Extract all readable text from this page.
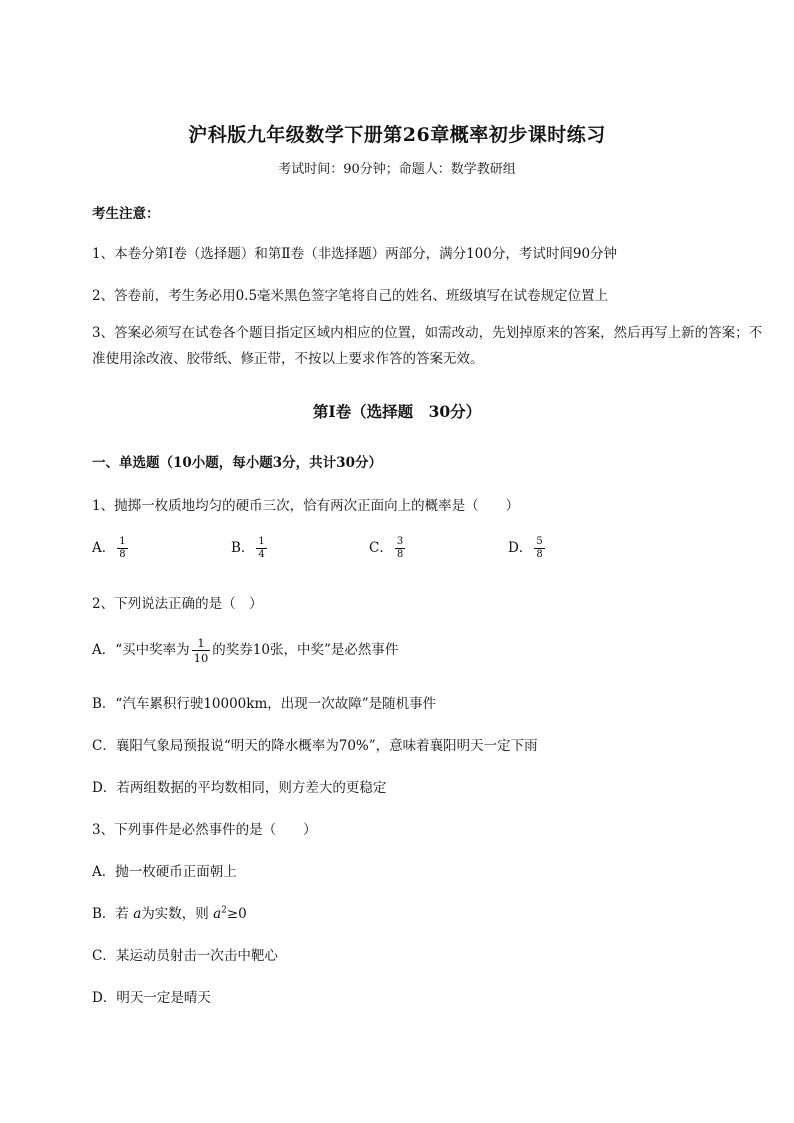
沪科版九年级数学下册第26章概率初步课时练习
考试时间：90分钟；命题人：数学教研组
考生注意：
1、本卷分第I卷（选择题）和第Ⅱ卷（非选择题）两部分，满分100分，考试时间90分钟
2、答卷前，考生务必用0.5毫米黑色签字笔将自己的姓名、班级填写在试卷规定位置上
3、答案必须写在试卷各个题目指定区域内相应的位置，如需改动，先划掉原来的答案，然后再写上新的答案；不准使用涂改液、胶带纸、修正带，不按以上要求作答的答案无效。
第I卷（选择题　30分）
一、单选题（10小题，每小题3分，共计30分）
1、抛掷一枚质地均匀的硬币三次，恰有两次正面向上的概率是（　　）
A． $\frac{1}{8}$	B． $\frac{1}{4}$	C． $\frac{3}{8}$	D． $\frac{5}{8}$
2、下列说法正确的是（　）
A．“买中奖率为 $\frac{1}{10}$ 的奖券10张，中奖”是必然事件
B．“汽车累积行驶10000km，出现一次故障”是随机事件
C．襄阳气象局预报说“明天的降水概率为70%”，意味着襄阳明天一定下雨
D．若两组数据的平均数相同，则方差大的更稳定
3、下列事件是必然事件的是（　　）
A．抛一枚硬币正面朝上
B．若 a为实数，则 $a^2\ge 0$
C．某运动员射击一次击中靶心
D．明天一定是晴天
